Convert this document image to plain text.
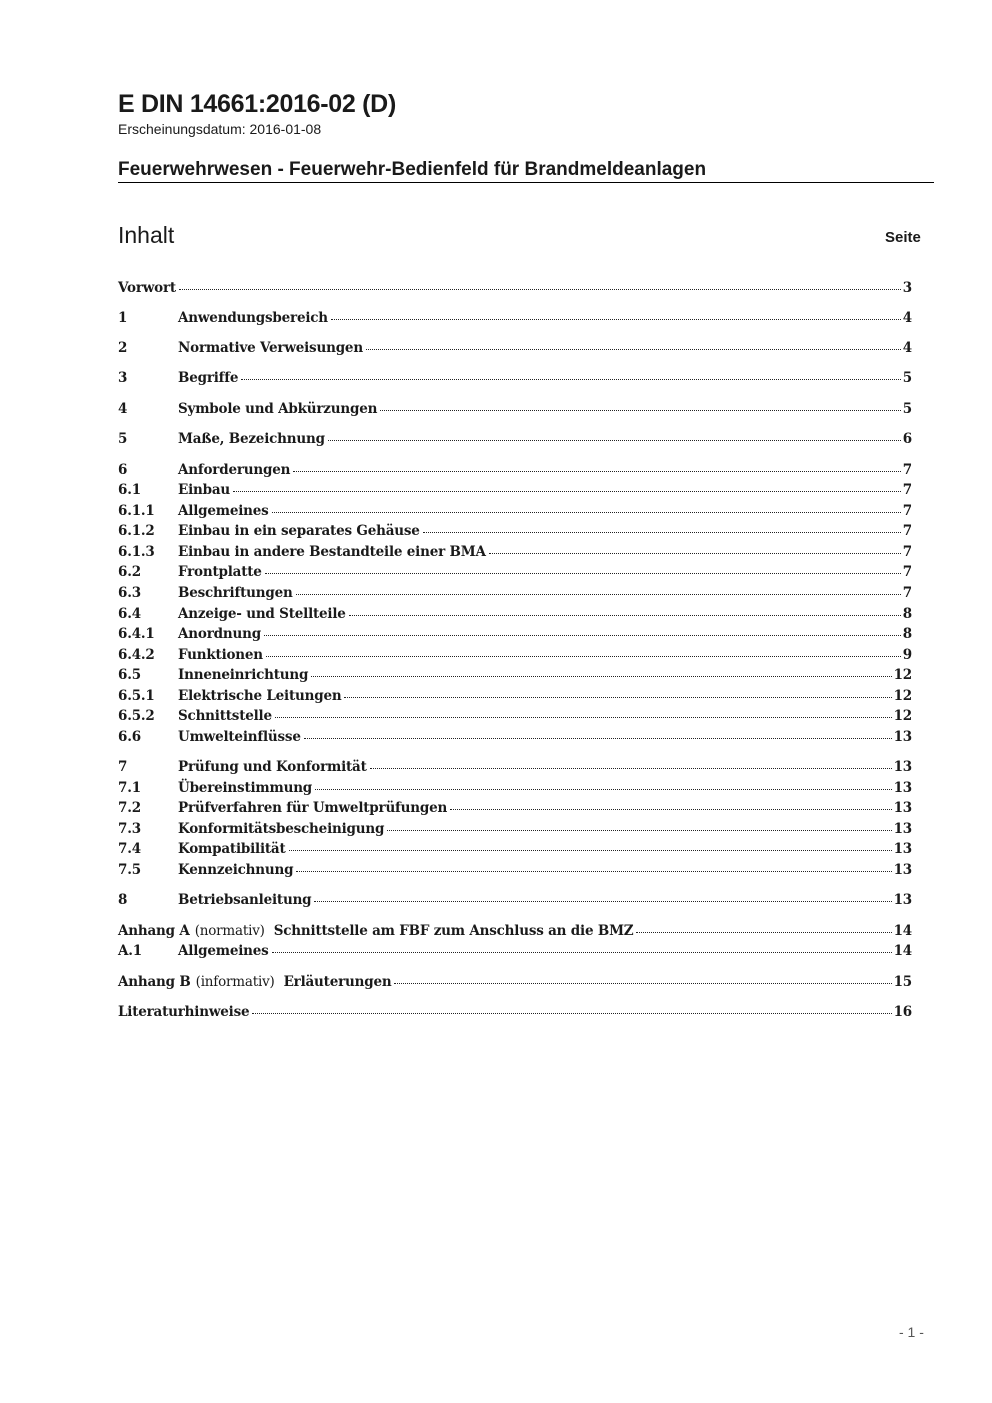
E DIN 14661:2016-02 (D)
Erscheinungsdatum: 2016-01-08
Feuerwehrwesen - Feuerwehr-Bedienfeld für Brandmeldeanlagen
Inhalt	Seite
Vorwort	3
1	Anwendungsbereich	4
2	Normative Verweisungen	4
3	Begriffe	5
4	Symbole und Abkürzungen	5
5	Maße, Bezeichnung	6
6	Anforderungen	7
6.1	Einbau	7
6.1.1	Allgemeines	7
6.1.2	Einbau in ein separates Gehäuse	7
6.1.3	Einbau in andere Bestandteile einer BMA	7
6.2	Frontplatte	7
6.3	Beschriftungen	7
6.4	Anzeige- und Stellteile	8
6.4.1	Anordnung	8
6.4.2	Funktionen	9
6.5	Inneneinrichtung	12
6.5.1	Elektrische Leitungen	12
6.5.2	Schnittstelle	12
6.6	Umwelteinflüsse	13
7	Prüfung und Konformität	13
7.1	Übereinstimmung	13
7.2	Prüfverfahren für Umweltprüfungen	13
7.3	Konformitätsbescheinigung	13
7.4	Kompatibilität	13
7.5	Kennzeichnung	13
8	Betriebsanleitung	13
Anhang A (normativ) Schnittstelle am FBF zum Anschluss an die BMZ	14
A.1	Allgemeines	14
Anhang B (informativ) Erläuterungen	15
Literaturhinweise	16
- 1 -
